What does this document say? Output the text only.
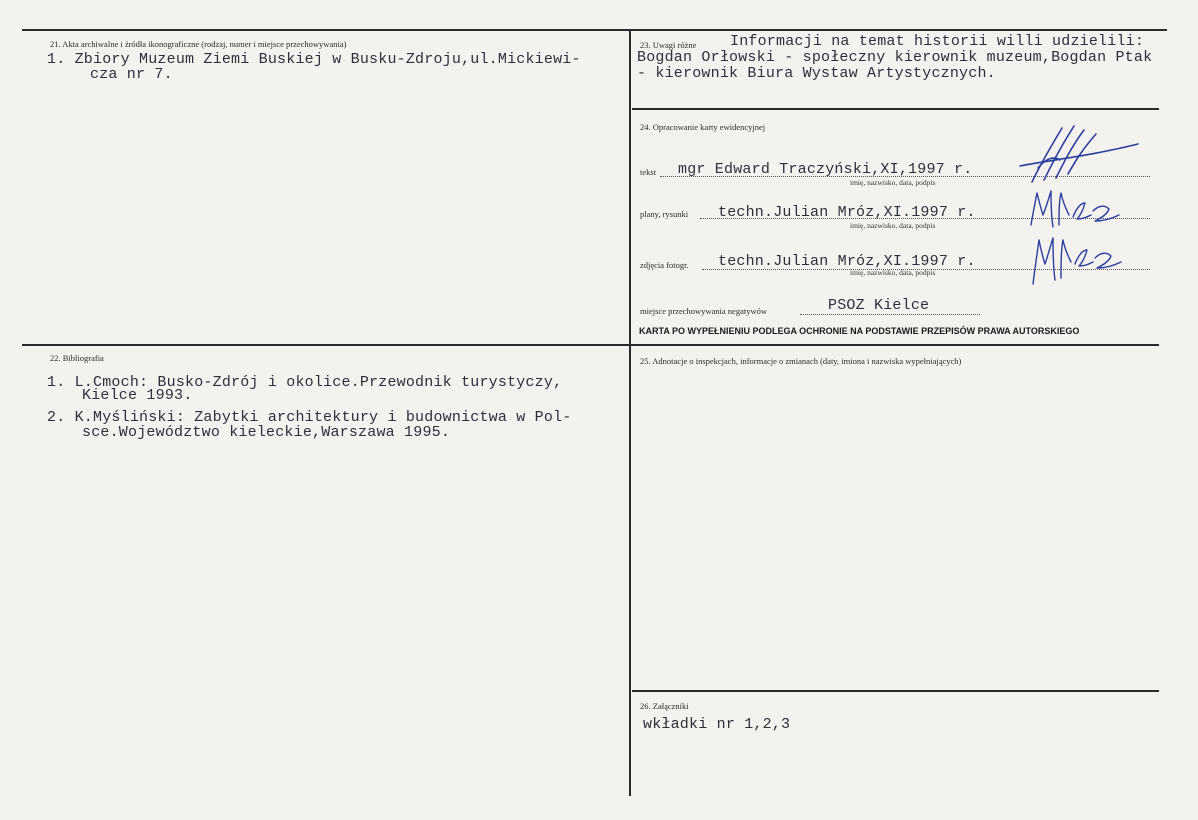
21. Akta archiwalne i źródła ikonograficzne (rodzaj, numer i miejsce przechowywania)
1. Zbiory Muzeum Ziemi Buskiej w Busku-Zdroju,ul.Mickiewi-
cza nr 7.
23. Uwagi różne Informacji na temat historii willi udzielili:
Bogdan Orłowski - społeczny kierownik muzeum,Bogdan Ptak
- kierownik Biura Wystaw Artystycznych.
24. Opracowanie karty ewidencyjnej
tekst mgr Edward Traczyński,XI,1997 r.
imię, nazwisko, data, podpis
plany, rysunki techn.Julian Mróz,XI.1997 r.
imię, nazwisko, data, podpis
zdjęcia fotogr. techn.Julian Mróz,XI.1997 r.
imię, nazwisko, data, podpis
miejsce przechowywania negatywów	PSOZ Kielce
KARTA PO WYPEŁNIENIU PODLEGA OCHRONIE NA PODSTAWIE PRZEPISÓW PRAWA AUTORSKIEGO
22. Bibliografia
1. L.Cmoch: Busko-Zdrój i okolice.Przewodnik turystyczy,
Kielce 1993.
2. K.Myśliński: Zabytki architektury i budownictwa w Pol-
sce.Województwo kieleckie,Warszawa 1995.
25. Adnotacje o inspekcjach, informacje o zmianach (daty, imiona i nazwiska wypełniających)
26. Załączniki
wkładki nr 1,2,3
